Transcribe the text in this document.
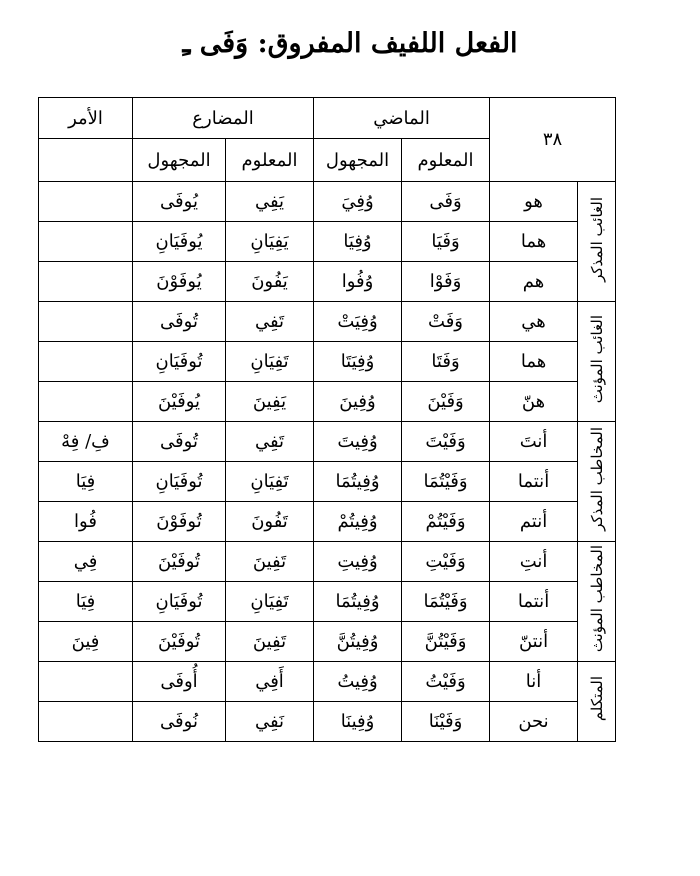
الفعل اللفيف المفروق: وَفَى ـِ
٣٨		الماضي		المضارع		الأمر
		المعلوم	المجهول	المعلوم	المجهول	
الغائب المذكر	هو	وَفَى	وُفِيَ	يَفِي	يُوفَى	
	هما	وَفَيَا	وُفِيَا	يَفِيَانِ	يُوفَيَانِ	
	هم	وَفَوْا	وُفُوا	يَفُونَ	يُوفَوْنَ	
الغائب المؤنث	هي	وَفَتْ	وُفِيَتْ	تَفِي	تُوفَى	
	هما	وَفَتَا	وُفِيَتَا	تَفِيَانِ	تُوفَيَانِ	
	هنّ	وَفَيْنَ	وُفِينَ	يَفِينَ	يُوفَيْنَ	
المخاطب المذكر	أنتَ	وَفَيْتَ	وُفِيتَ	تَفِي	تُوفَى	فِ/ فِهْ
	أنتما	وَفَيْتُمَا	وُفِيتُمَا	تَفِيَانِ	تُوفَيَانِ	فِيَا
	أنتم	وَفَيْتُمْ	وُفِيتُمْ	تَفُونَ	تُوفَوْنَ	فُوا
المخاطب المؤنث	أنتِ	وَفَيْتِ	وُفِيتِ	تَفِينَ	تُوفَيْنَ	فِي
	أنتما	وَفَيْتُمَا	وُفِيتُمَا	تَفِيَانِ	تُوفَيَانِ	فِيَا
	أنتنّ	وَفَيْتُنَّ	وُفِيتُنَّ	تَفِينَ	تُوفَيْنَ	فِينَ
المتكلم	أنا	وَفَيْتُ	وُفِيتُ	أَفِي	أُوفَى	
	نحن	وَفَيْنَا	وُفِينَا	نَفِي	نُوفَى	
